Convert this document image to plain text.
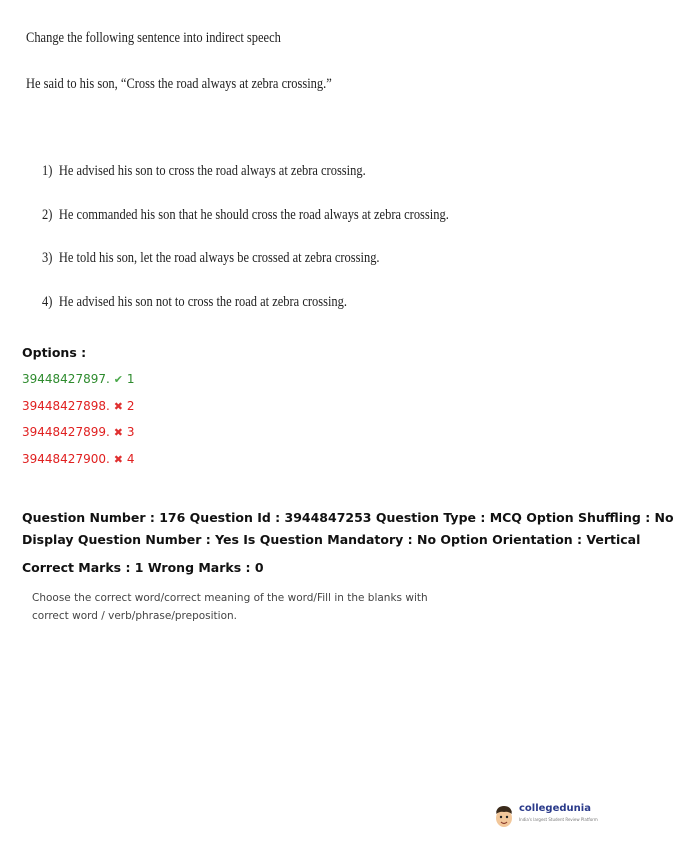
Change the following sentence into indirect speech
He said to his son, “Cross the road always at zebra crossing.”
1) He advised his son to cross the road always at zebra crossing.
2) He commanded his son that he should cross the road always at zebra crossing.
3) He told his son, let the road always be crossed at zebra crossing.
4) He advised his son not to cross the road at zebra crossing.
Options :
39448427897. ✔ 1
39448427898. ✖ 2
39448427899. ✖ 3
39448427900. ✖ 4
Question Number : 176 Question Id : 3944847253 Question Type : MCQ Option Shuffling : No
Display Question Number : Yes Is Question Mandatory : No Option Orientation : Vertical
Correct Marks : 1 Wrong Marks : 0
Choose the correct word/correct meaning of the word/Fill in the blanks with correct word / verb/phrase/preposition.
collegedunia
India's largest Student Review Platform
